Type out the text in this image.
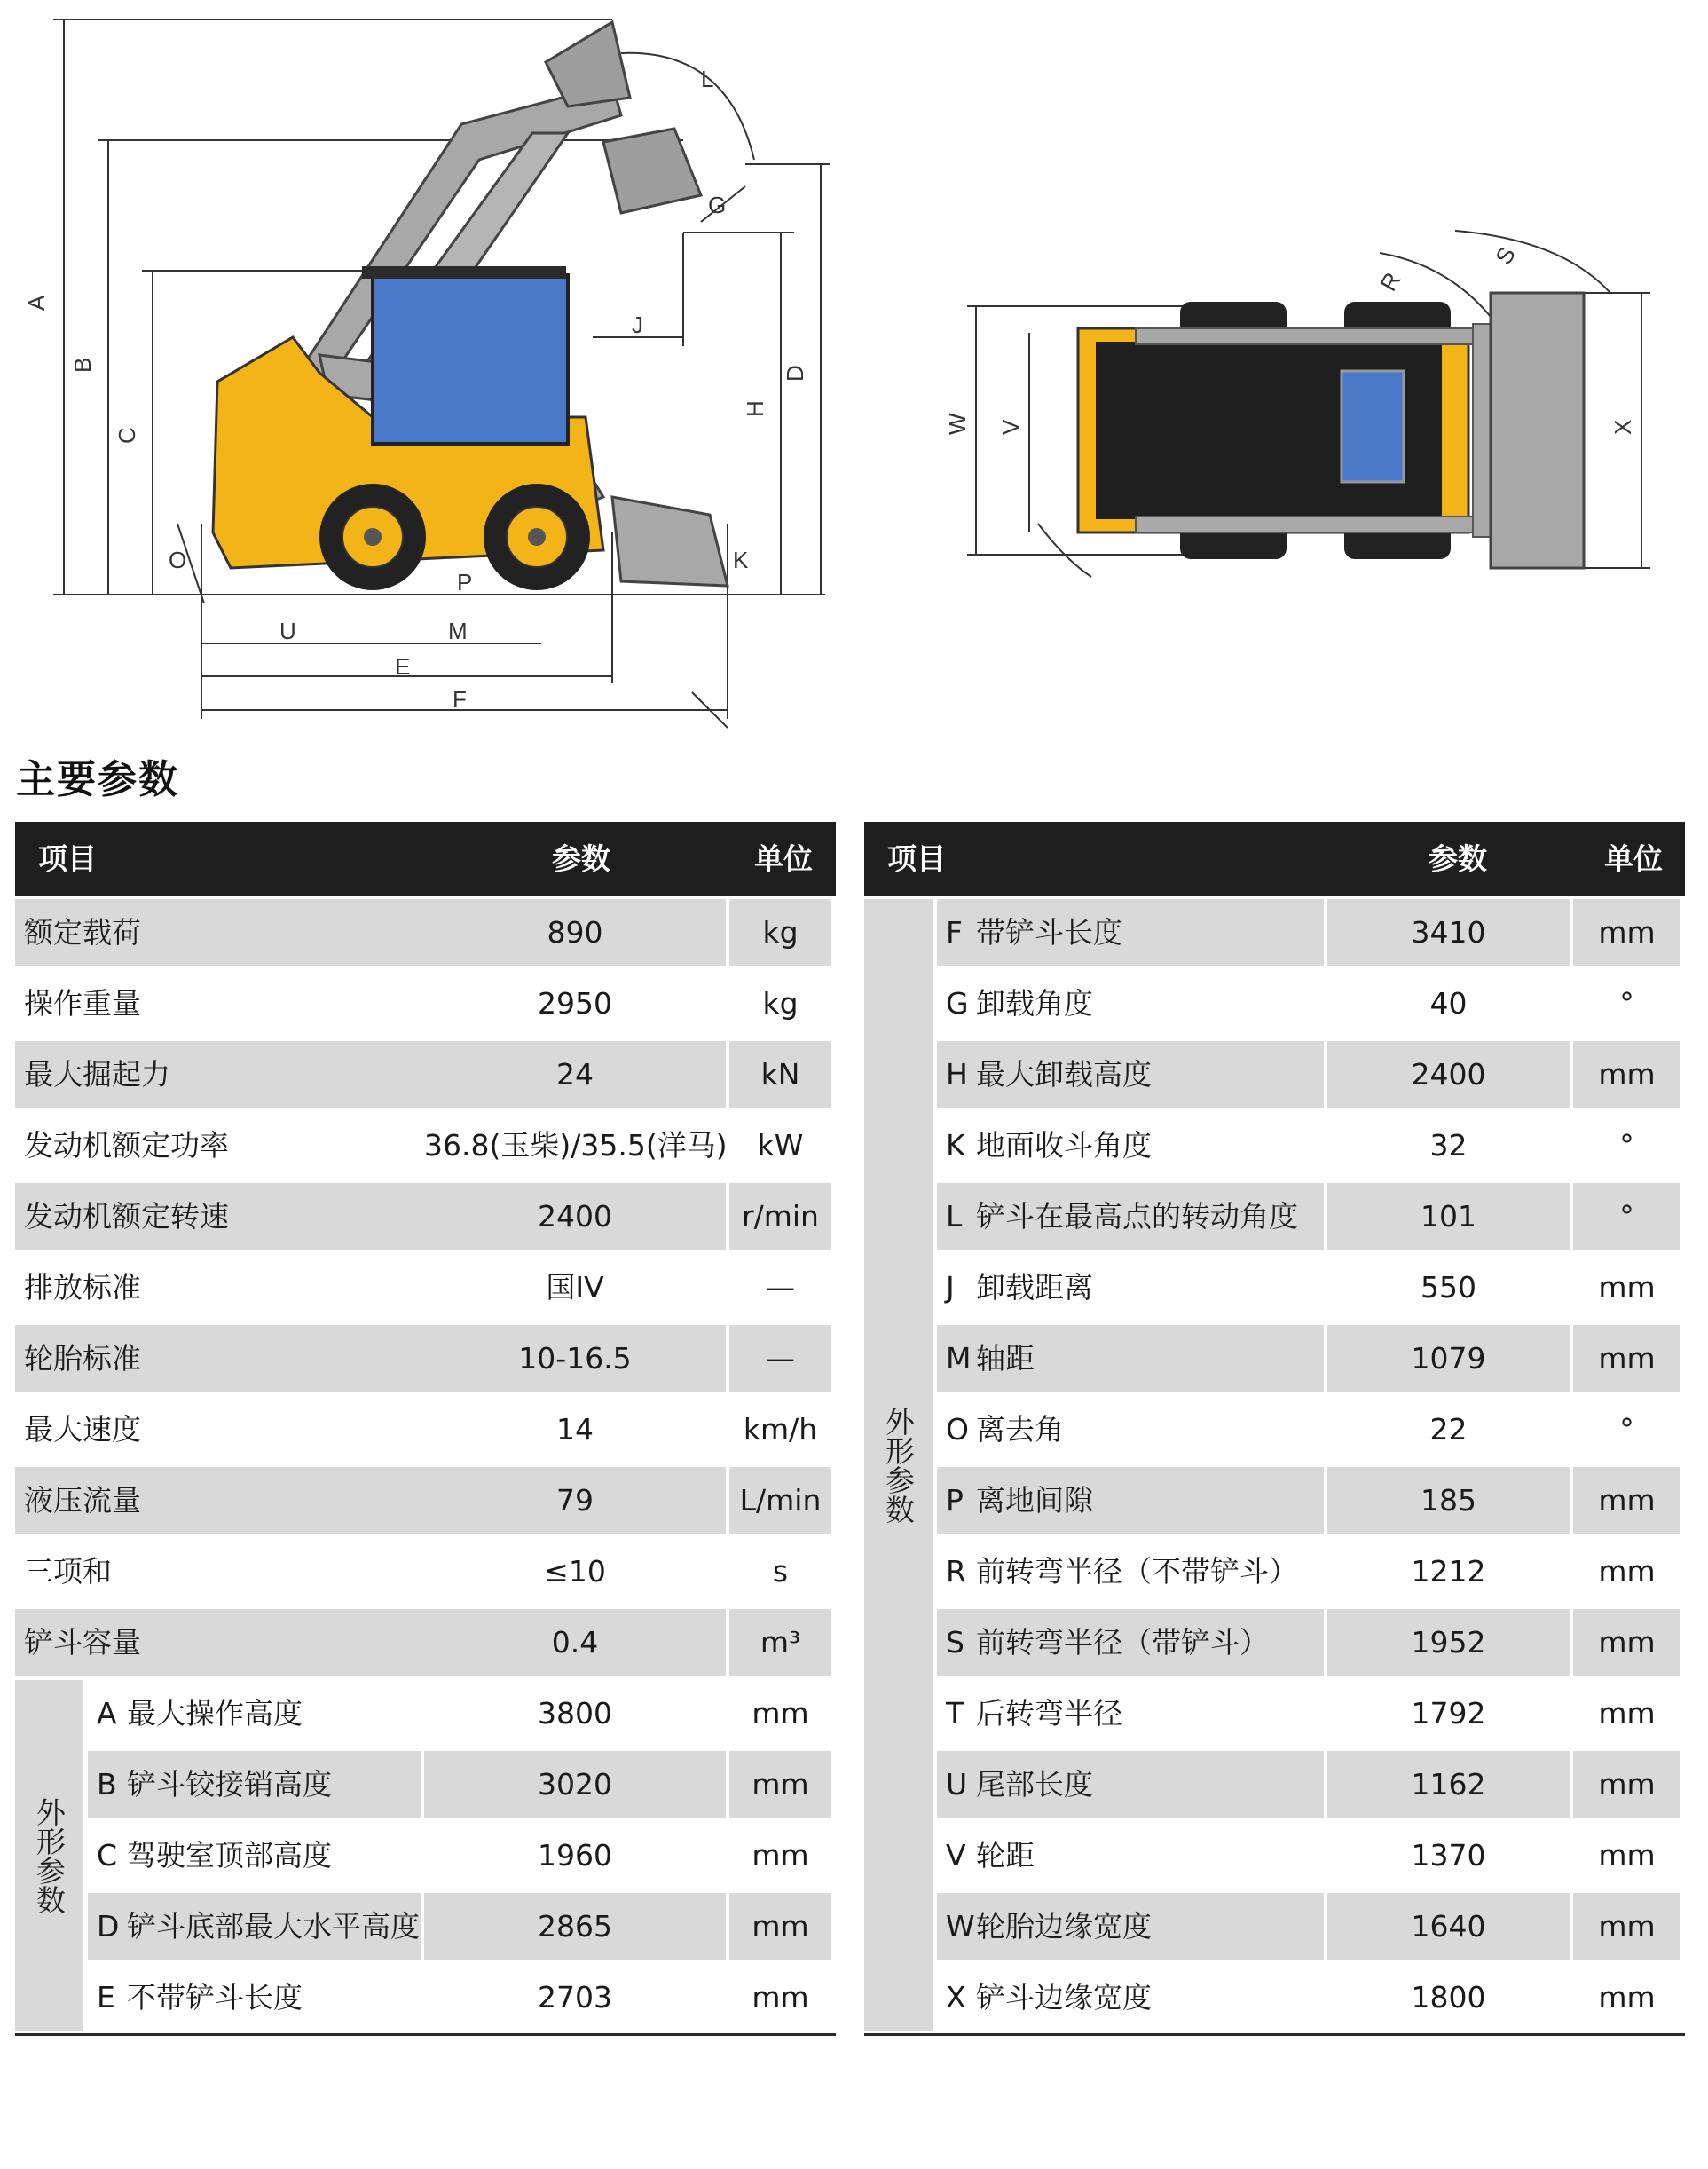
A
B
C
D
E
F
G
H
J
K
L
M
O
P
U
W V	X
R
S
主要参数
项目	参数	单位
额定载荷	890	kg
操作重量	2950	kg
最大掘起力	24	kN
发动机额定功率	36.8(玉柴)/35.5(洋马)	kW
发动机额定转速	2400	r/min
排放标准	国IV	—
轮胎标准	10-16.5	—
最大速度	14	km/h
液压流量	79	L/min
三项和	≤10	s
铲斗容量	0.4	m³
A 最大操作高度	3800	mm
B 铲斗铰接销高度	3020	mm
C 驾驶室顶部高度	1960	mm
D 铲斗底部最大水平高度	2865	mm
E 不带铲斗长度	2703	mm
外形参数
项目	参数	单位
F 带铲斗长度	3410	mm
G 卸载角度	40	°
H 最大卸载高度	2400	mm
K 地面收斗角度	32	°
L 铲斗在最高点的转动角度	101	°
J 卸载距离	550	mm
M 轴距	1079	mm
O 离去角	22	°
P 离地间隙	185	mm
R 前转弯半径（不带铲斗）	1212	mm
S 前转弯半径（带铲斗）	1952	mm
T 后转弯半径	1792	mm
U 尾部长度	1162	mm
V 轮距	1370	mm
W 轮胎边缘宽度	1640	mm
X 铲斗边缘宽度	1800	mm
外形参数
